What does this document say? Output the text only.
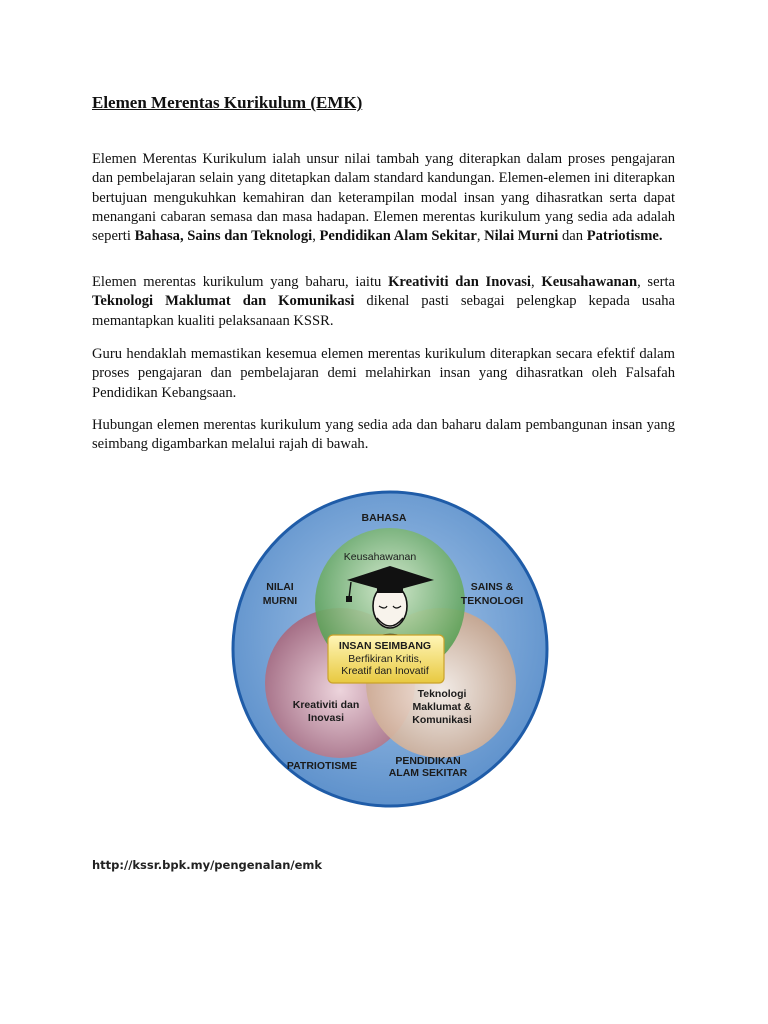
Elemen Merentas Kurikulum (EMK)

Elemen Merentas Kurikulum ialah unsur nilai tambah yang diterapkan dalam proses pengajaran dan pembelajaran selain yang ditetapkan dalam standard kandungan. Elemen-elemen ini diterapkan bertujuan mengukuhkan kemahiran dan keterampilan modal insan yang dihasratkan serta dapat menangani cabaran semasa dan masa hadapan. Elemen merentas kurikulum yang sedia ada adalah seperti Bahasa, Sains dan Teknologi, Pendidikan Alam Sekitar, Nilai Murni dan Patriotisme.

Elemen merentas kurikulum yang baharu, iaitu Kreativiti dan Inovasi, Keusahawanan, serta Teknologi Maklumat dan Komunikasi dikenal pasti sebagai pelengkap kepada usaha memantapkan kualiti pelaksanaan KSSR.

Guru hendaklah memastikan kesemua elemen merentas kurikulum diterapkan secara efektif dalam proses pengajaran dan pembelajaran demi melahirkan insan yang dihasratkan oleh Falsafah Pendidikan Kebangsaan.

Hubungan elemen merentas kurikulum yang sedia ada dan baharu dalam pembangunan insan yang seimbang digambarkan melalui rajah di bawah.

BAHASA
NILAI
MURNI
SAINS &
TEKNOLOGI
PATRIOTISME	PENDIDIKAN
ALAM SEKITAR
Keusahawanan
Kreativiti dan
Inovasi
Teknologi
Maklumat &
Komunikasi
INSAN SEIMBANG
Berfikiran Kritis,
Kreatif dan Inovatif
http://kssr.bpk.my/pengenalan/emk
